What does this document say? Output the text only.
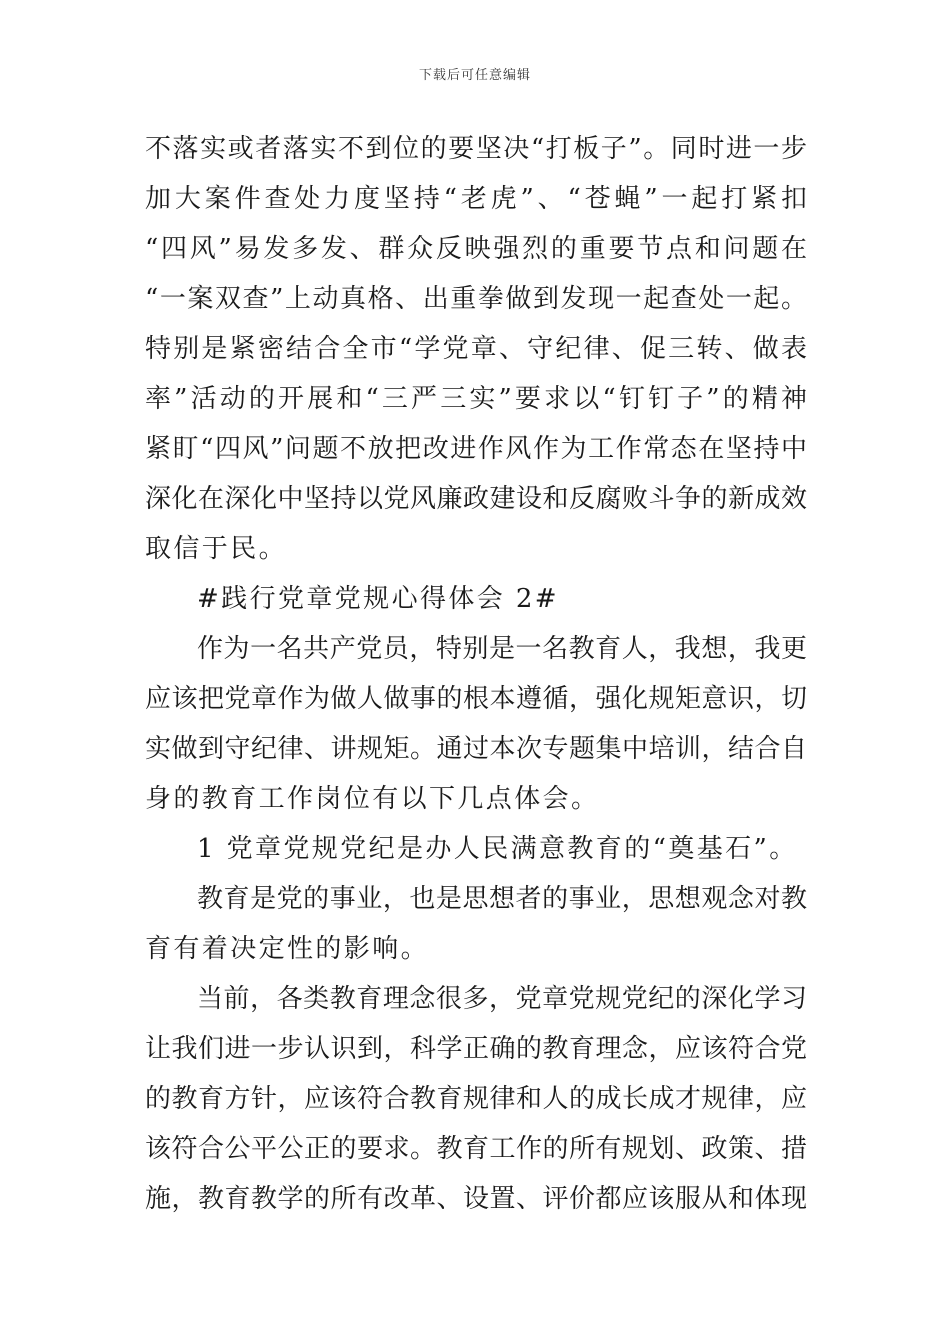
下载后可任意编辑
不落实或者落实不到位的要坚决“打板子”。同时进一步
加大案件查处力度坚持“老虎”、“苍蝇”一起打紧扣
“四风”易发多发、群众反映强烈的重要节点和问题在
“一案双查”上动真格、出重拳做到发现一起查处一起。
特别是紧密结合全市“学党章、守纪律、促三转、做表
率”活动的开展和“三严三实”要求以“钉钉子”的精神
紧盯“四风”问题不放把改进作风作为工作常态在坚持中
深化在深化中坚持以党风廉政建设和反腐败斗争的新成效
取信于民。
#践行党章党规心得体会 2#
作为一名共产党员，特别是一名教育人，我想，我更
应该把党章作为做人做事的根本遵循，强化规矩意识，切
实做到守纪律、讲规矩。通过本次专题集中培训，结合自
身的教育工作岗位有以下几点体会。
1 党章党规党纪是办人民满意教育的“奠基石”。
教育是党的事业，也是思想者的事业，思想观念对教
育有着决定性的影响。
当前，各类教育理念很多，党章党规党纪的深化学习
让我们进一步认识到，科学正确的教育理念，应该符合党
的教育方针，应该符合教育规律和人的成长成才规律，应
该符合公平公正的要求。教育工作的所有规划、政策、措
施，教育教学的所有改革、设置、评价都应该服从和体现
